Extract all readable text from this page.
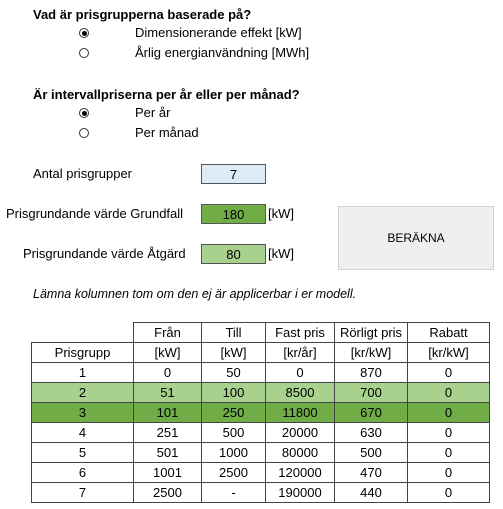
Vad är prisgrupperna baserade på?
Dimensionerande effekt [kW]
Årlig energianvändning [MWh]
Är intervallpriserna per år eller per månad?
Per år
Per månad
Antal prisgrupper	7
Prisgrundande värde Grundfall	180	[kW]
Prisgrundande värde Åtgärd	80	[kW]
BERÄKNA
Lämna kolumnen tom om den ej är applicerbar i er modell.
	Från	Till	Fast pris	Rörligt pris	Rabatt
Prisgrupp	[kW]	[kW]	[kr/år]	[kr/kW]	[kr/kW]
1	0	50	0	870	0
2	51	100	8500	700	0
3	101	250	11800	670	0
4	251	500	20000	630	0
5	501	1000	80000	500	0
6	1001	2500	120000	470	0
7	2500	-	190000	440	0
